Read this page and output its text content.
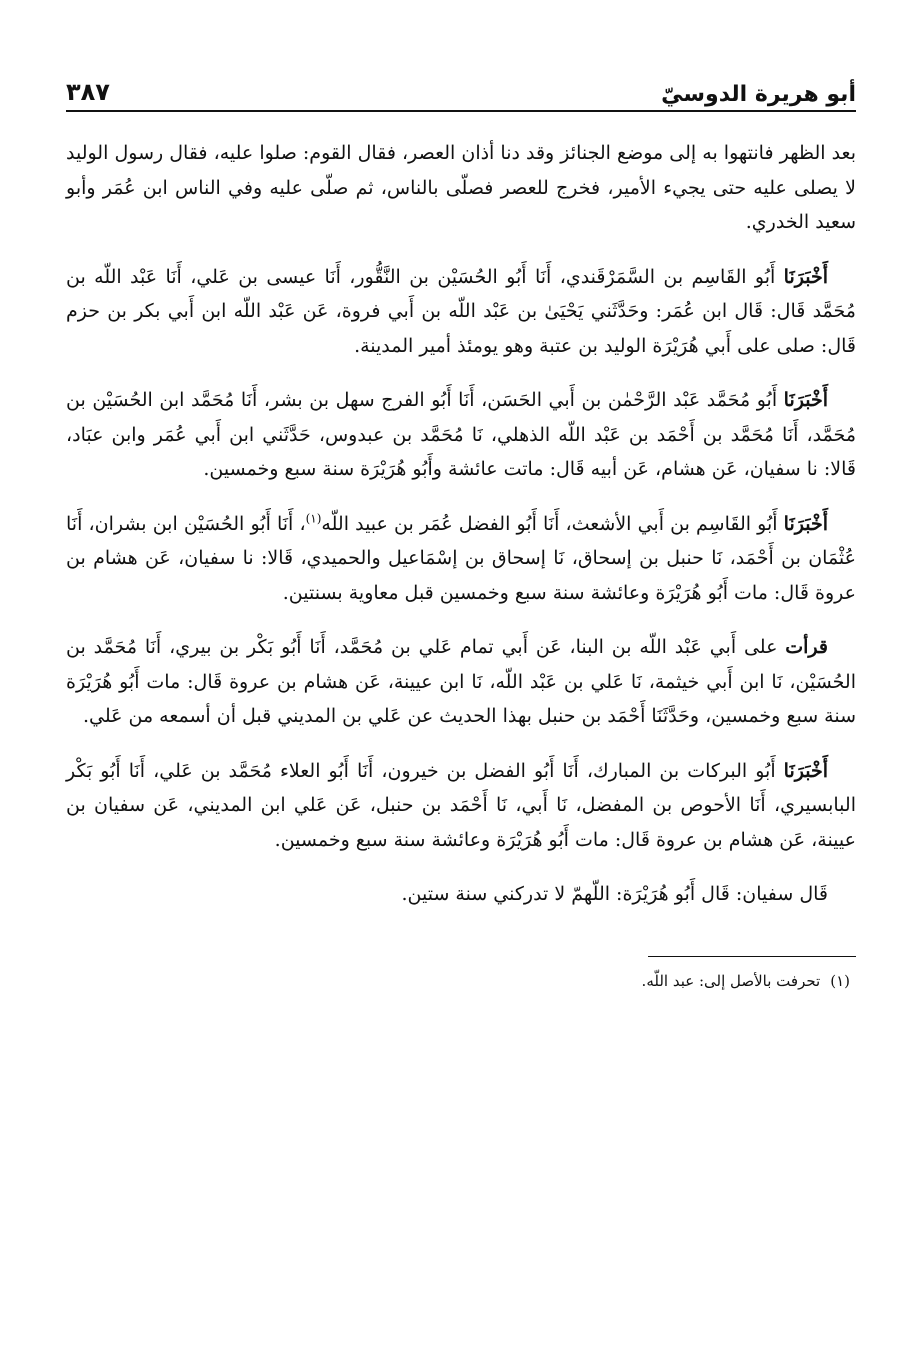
أبو هريرة الدوسيّ
٣٨٧

بعد الظهر فانتهوا به إلى موضع الجنائز وقد دنا أذان العصر، فقال القوم: صلوا عليه، فقال رسول الوليد لا يصلى عليه حتى يجيء الأمير، فخرج للعصر فصلّى بالناس، ثم صلّى عليه وفي الناس ابن عُمَر وأبو سعيد الخدري.

أَخْبَرَنَا أَبُو القَاسِم بن السَّمَرْقَندي، أَنَا أَبُو الحُسَيْن بن النَّقُّور، أَنَا عيسى بن عَلي، أَنَا عَبْد اللّه بن مُحَمَّد قَال: قَال ابن عُمَر: وحَدَّثَني يَحْيَىٰ بن عَبْد اللّه بن أَبي فروة، عَن عَبْد اللّه ابن أَبي بكر بن حزم قَال: صلى على أَبي هُرَيْرَة الوليد بن عتبة وهو يومئذ أمير المدينة.

أَخْبَرَنَا أَبُو مُحَمَّد عَبْد الرَّحْمٰن بن أَبي الحَسَن، أَنَا أَبُو الفرج سهل بن بشر، أَنَا مُحَمَّد ابن الحُسَيْن بن مُحَمَّد، أَنَا مُحَمَّد بن أَحْمَد بن عَبْد اللّه الذهلي، نَا مُحَمَّد بن عبدوس، حَدَّثَني ابن أَبي عُمَر وابن عبَاد، قَالا: نا سفيان، عَن هشام، عَن أبيه قَال: ماتت عائشة وأَبُو هُرَيْرَة سنة سبع وخمسين.

أَخْبَرَنَا أَبُو القَاسِم بن أَبي الأشعث، أَنَا أَبُو الفضل عُمَر بن عبيد اللّه$^{(١)}$، أَنَا أَبُو الحُسَيْن ابن بشران، أَنَا عُثْمَان بن أَحْمَد، نَا حنبل بن إسحاق، نَا إسحاق بن إسْمَاعيل والحميدي، قَالا: نا سفيان، عَن هشام بن عروة قَال: مات أَبُو هُرَيْرَة وعائشة سنة سبع وخمسين قبل معاوية بسنتين.

قرأت على أَبي عَبْد اللّه بن البنا، عَن أَبي تمام عَلي بن مُحَمَّد، أَنَا أَبُو بَكْر بن بيري، أَنَا مُحَمَّد بن الحُسَيْن، نَا ابن أَبي خيثمة، نَا عَلي بن عَبْد اللّه، نَا ابن عيينة، عَن هشام بن عروة قَال: مات أَبُو هُرَيْرَة سنة سبع وخمسين، وحَدَّثَنَا أَحْمَد بن حنبل بهذا الحديث عن عَلي بن المديني قبل أن أسمعه من عَلي.

أَخْبَرَنَا أَبُو البركات بن المبارك، أَنَا أَبُو الفضل بن خيرون، أَنَا أَبُو العلاء مُحَمَّد بن عَلي، أَنَا أَبُو بَكْر البابسيري، أَنَا الأحوص بن المفضل، نَا أَبي، نَا أَحْمَد بن حنبل، عَن عَلي ابن المديني، عَن سفيان بن عيينة، عَن هشام بن عروة قَال: مات أَبُو هُرَيْرَة وعائشة سنة سبع وخمسين.

قَال سفيان: قَال أَبُو هُرَيْرَة: اللّهمّ لا تدركني سنة ستين.

(١)تحرفت بالأصل إلى: عبد اللّه.
